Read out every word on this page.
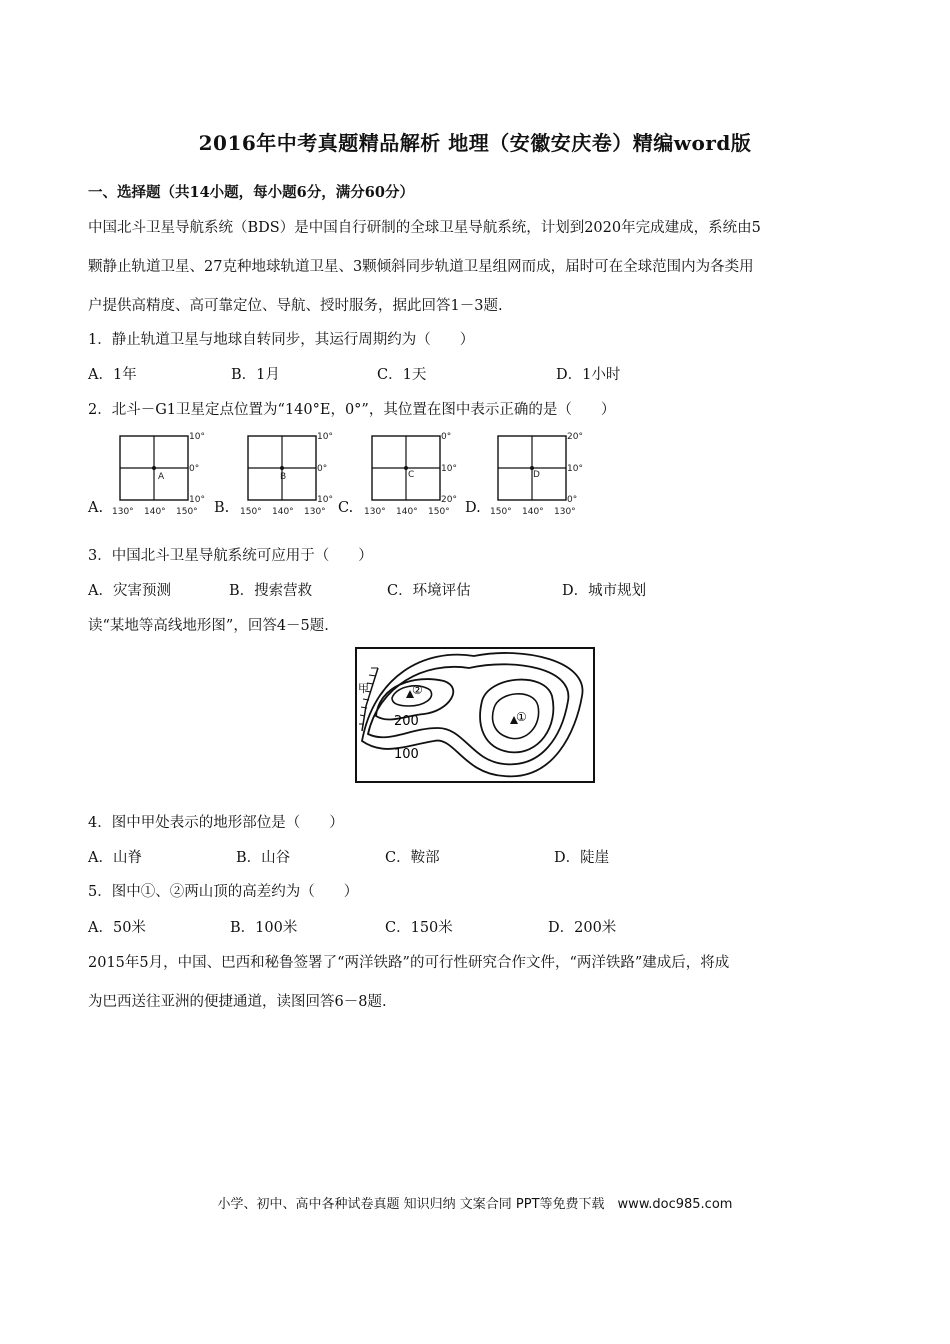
2016年中考真题精品解析 地理（安徽安庆卷）精编word版
一、选择题（共14小题，每小题6分，满分60分）
中国北斗卫星导航系统（BDS）是中国自行研制的全球卫星导航系统，计划到2020年完成建成，系统由5
颗静止轨道卫星、27克种地球轨道卫星、3颗倾斜同步轨道卫星组网而成，届时可在全球范围内为各类用
户提供高精度、高可靠定位、导航、授时服务，据此回答1－3题.
1．静止轨道卫星与地球自转同步，其运行周期约为（　　）
A．1年	B．1月	C．1天	D．1小时
2．北斗－G1卫星定点位置为“140°E，0°”，其位置在图中表示正确的是（　　）
A.
A
10°
0°
10°
130° 140° 150° B.
B
10°
0°
10°
150° 140° 130° C.
C
0°
10°
20°
130° 140° 150° D.
D
20°
10°
0°
150° 140° 130°
3．中国北斗卫星导航系统可应用于（　　）
A．灾害预测	B．搜索营救	C．环境评估	D．城市规划
读“某地等高线地形图”，回答4－5题.
甲	②
①
200
100
4．图中甲处表示的地形部位是（　　）
A．山脊	B．山谷	C．鞍部	D．陡崖
5．图中①、②两山顶的高差约为（　　）
A．50米	B．100米	C．150米	D．200米
2015年5月，中国、巴西和秘鲁签署了“两洋铁路”的可行性研究合作文件，“两洋铁路”建成后，将成
为巴西送往亚洲的便捷通道，读图回答6－8题.
小学、初中、高中各种试卷真题 知识归纳 文案合同 PPT等免费下载　www.doc985.com
